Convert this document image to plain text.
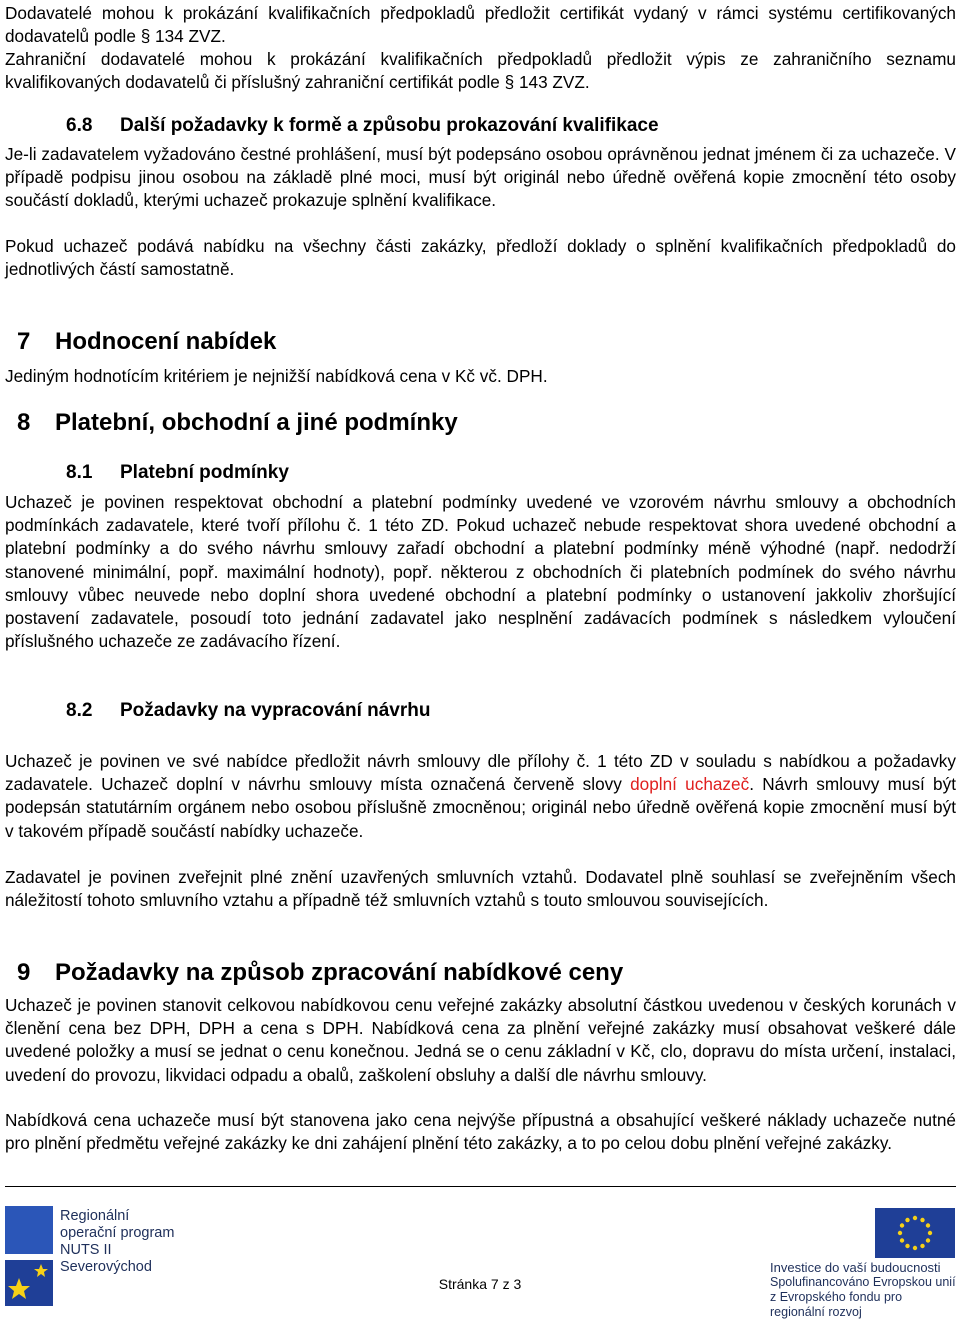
Dodavatelé mohou k prokázání kvalifikačních předpokladů předložit certifikát vydaný v rámci systému certifikovaných dodavatelů podle § 134 ZVZ.

Zahraniční dodavatelé mohou k prokázání kvalifikačních předpokladů předložit výpis ze zahraničního seznamu kvalifikovaných dodavatelů či příslušný zahraniční certifikát podle § 143 ZVZ.

6.8 Další požadavky k formě a způsobu prokazování kvalifikace

Je-li zadavatelem vyžadováno čestné prohlášení, musí být podepsáno osobou oprávněnou jednat jménem či za uchazeče. V případě podpisu jinou osobou na základě plné moci, musí být originál nebo úředně ověřená kopie zmocnění této osoby součástí dokladů, kterými uchazeč prokazuje splnění kvalifikace.

Pokud uchazeč podává nabídku na všechny části zakázky, předloží doklady o splnění kvalifikačních předpokladů do jednotlivých částí samostatně.

7 Hodnocení nabídek

Jediným hodnotícím kritériem je nejnižší nabídková cena v Kč vč. DPH.

8 Platební, obchodní a jiné podmínky
8.1 Platební podmínky

Uchazeč je povinen respektovat obchodní a platební podmínky uvedené ve vzorovém návrhu smlouvy a obchodních podmínkách zadavatele, které tvoří přílohu č. 1 této ZD. Pokud uchazeč nebude respektovat shora uvedené obchodní a platební podmínky a do svého návrhu smlouvy zařadí obchodní a platební podmínky méně výhodné (např. nedodrží stanovené minimální, popř. maximální hodnoty), popř. některou z obchodních či platebních podmínek do svého návrhu smlouvy vůbec neuvede nebo doplní shora uvedené obchodní a platební podmínky o ustanovení jakkoliv zhoršující postavení zadavatele, posoudí toto jednání zadavatel jako nesplnění zadávacích podmínek s následkem vyloučení příslušného uchazeče ze zadávacího řízení.

8.2 Požadavky na vypracování návrhu

Uchazeč je povinen ve své nabídce předložit návrh smlouvy dle přílohy č. 1 této ZD v souladu s nabídkou a požadavky zadavatele. Uchazeč doplní v návrhu smlouvy místa označená červeně slovy doplní uchazeč. Návrh smlouvy musí být podepsán statutárním orgánem nebo osobou příslušně zmocněnou; originál nebo úředně ověřená kopie zmocnění musí být v takovém případě součástí nabídky uchazeče.

Zadavatel je povinen zveřejnit plné znění uzavřených smluvních vztahů. Dodavatel plně souhlasí se zveřejněním všech náležitostí tohoto smluvního vztahu a případně též smluvních vztahů s touto smlouvou souvisejících.

9 Požadavky na způsob zpracování nabídkové ceny

Uchazeč je povinen stanovit celkovou nabídkovou cenu veřejné zakázky absolutní částkou uvedenou v českých korunách v členění cena bez DPH, DPH a cena s DPH. Nabídková cena za plnění veřejné zakázky musí obsahovat veškeré dále uvedené položky a musí se jednat o cenu konečnou. Jedná se o cenu základní v Kč, clo, dopravu do místa určení, instalaci, uvedení do provozu, likvidaci odpadu a obalů, zaškolení obsluhy a další dle návrhu smlouvy.

Nabídková cena uchazeče musí být stanovena jako cena nejvýše přípustná a obsahující veškeré náklady uchazeče nutné pro plnění předmětu veřejné zakázky ke dni zahájení plnění této zakázky, a to po celou dobu plnění veřejné zakázky.

Regionální
operační program
NUTS II Severovýchod
Stránka 7 z 3
Investice do vaší budoucnosti
Spolufinancováno Evropskou unií
z Evropského fondu pro regionální rozvoj
